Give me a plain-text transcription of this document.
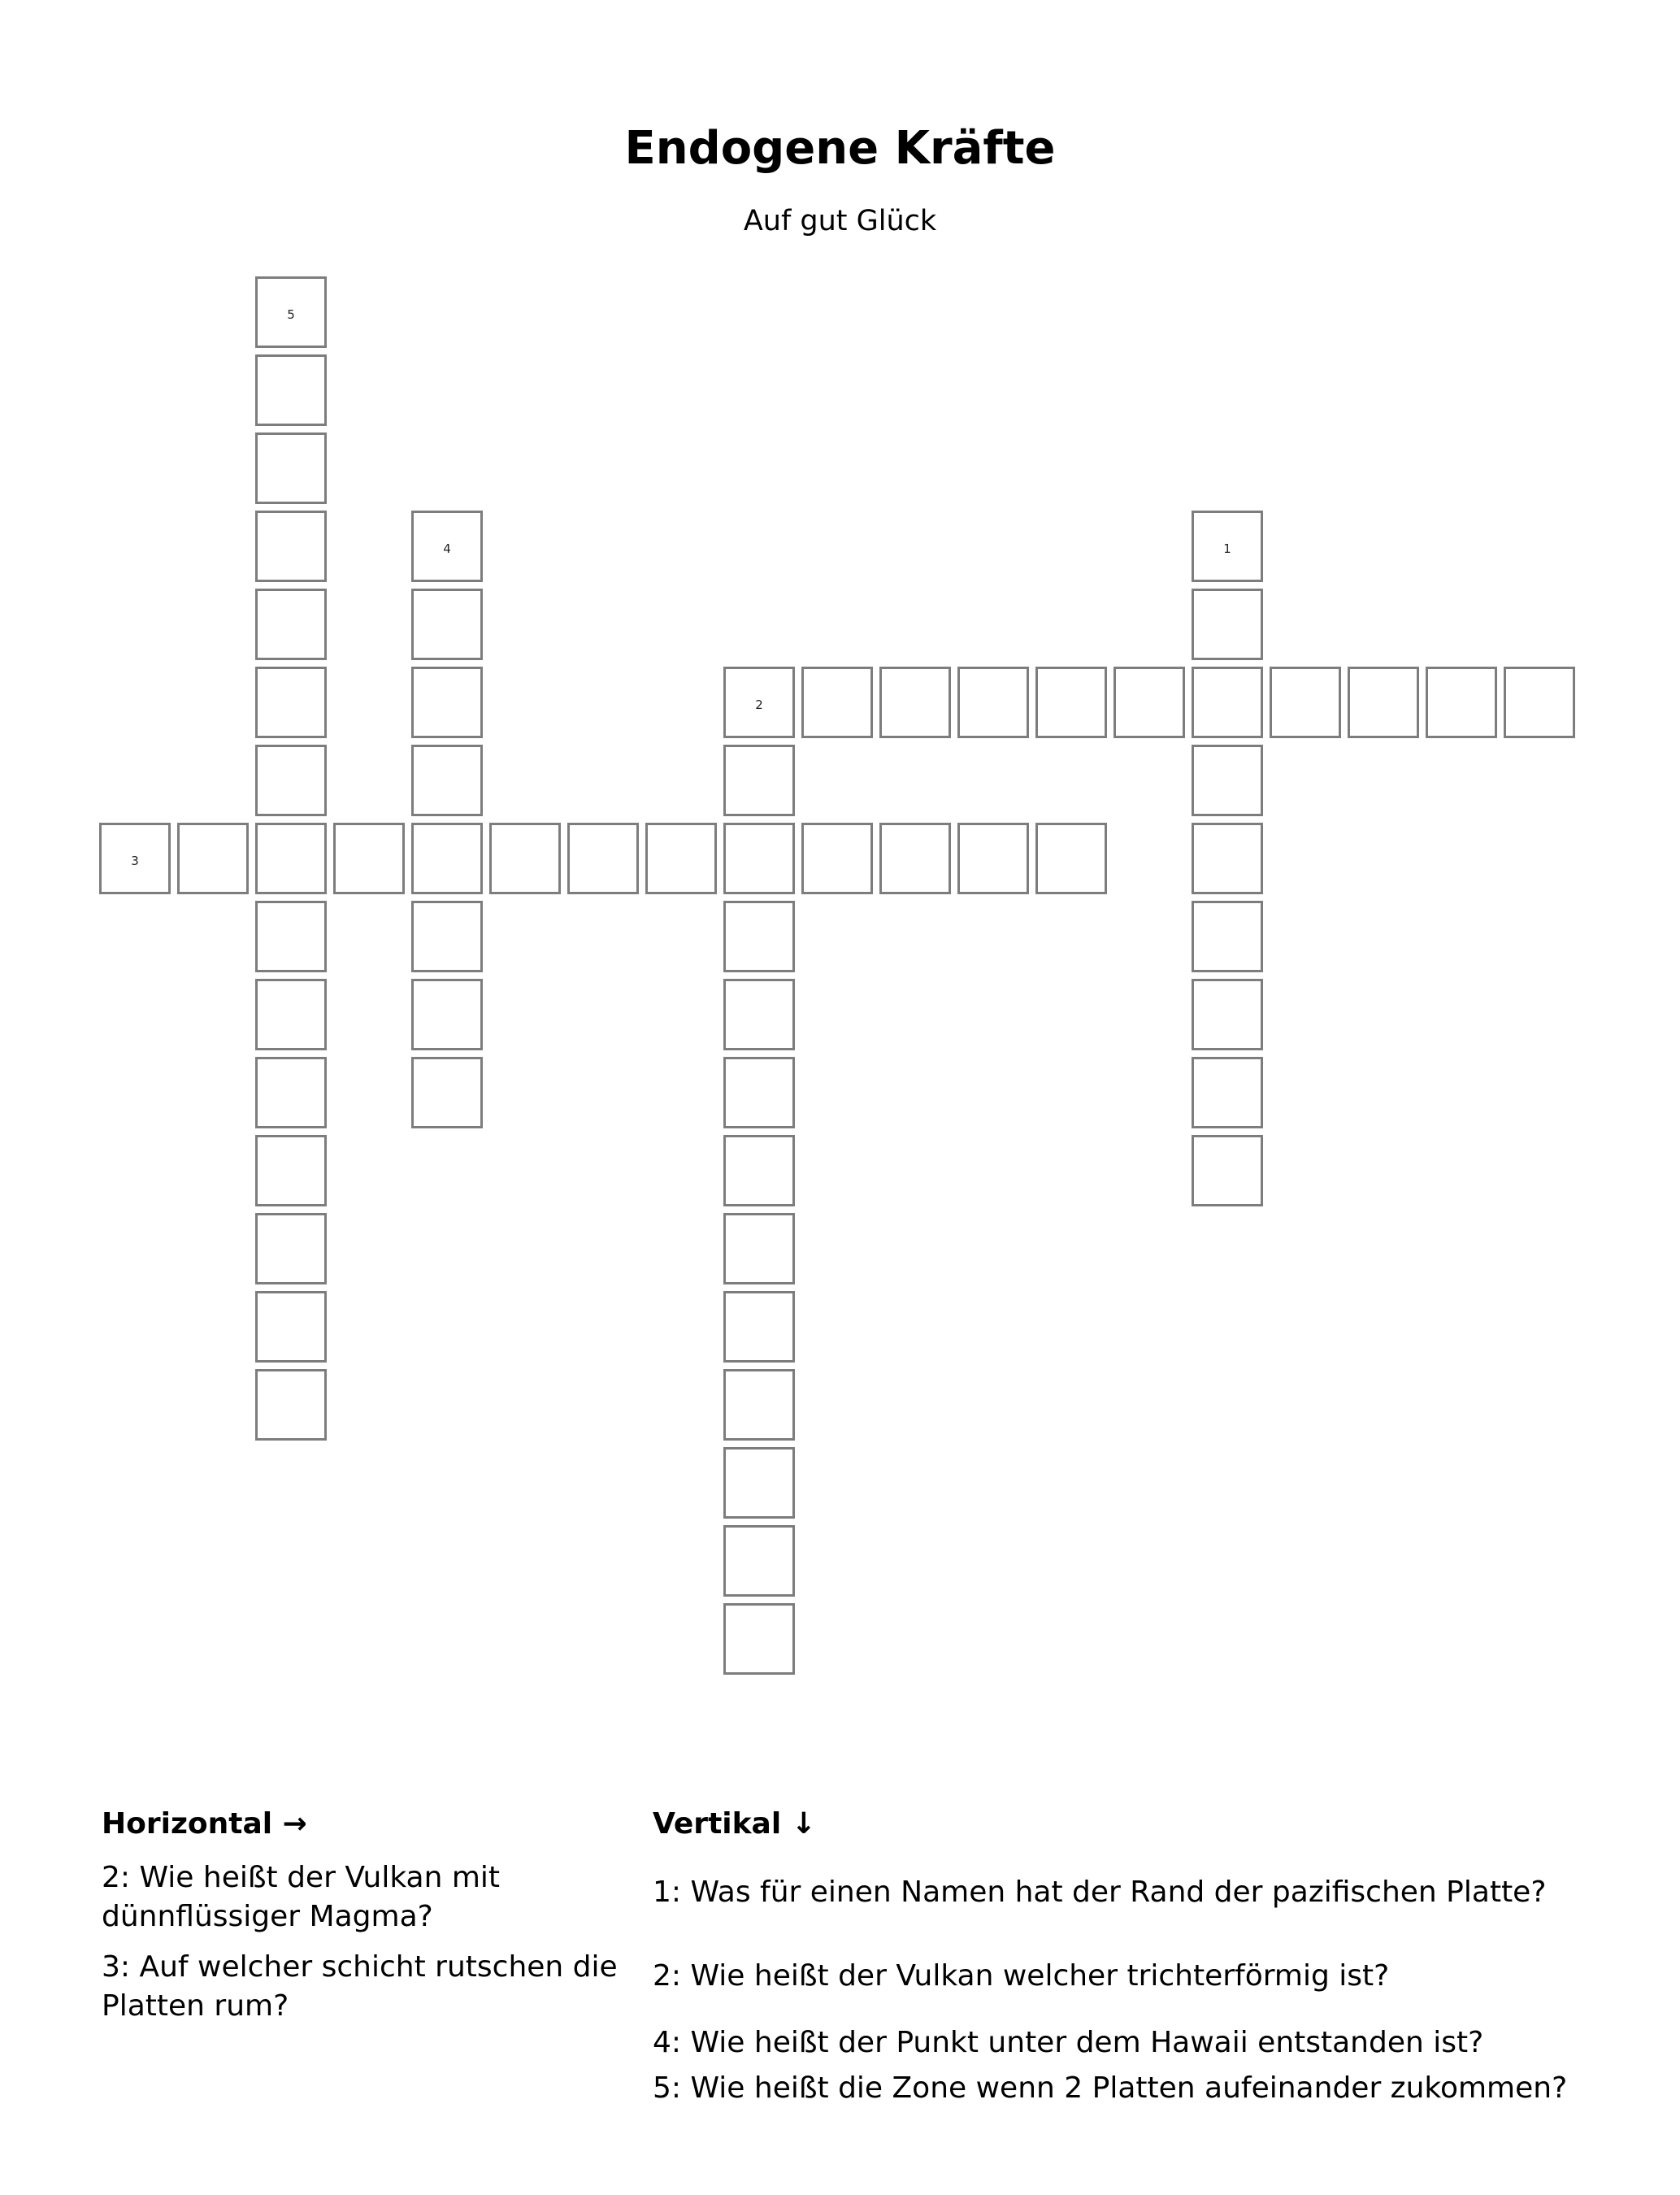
Endogene Kräfte
Auf gut Glück
1
2
3
4
5
Horizontal →

2: Wie heißt der Vulkan mit dünnflüssiger Magma?

3: Auf welcher schicht rutschen die Platten rum?

Vertikal ↓

1: Was für einen Namen hat der Rand der pazifischen Platte?

2: Wie heißt der Vulkan welcher trichterförmig ist?

4: Wie heißt der Punkt unter dem Hawaii entstanden ist?

5: Wie heißt die Zone wenn 2 Platten aufeinander zukommen?
